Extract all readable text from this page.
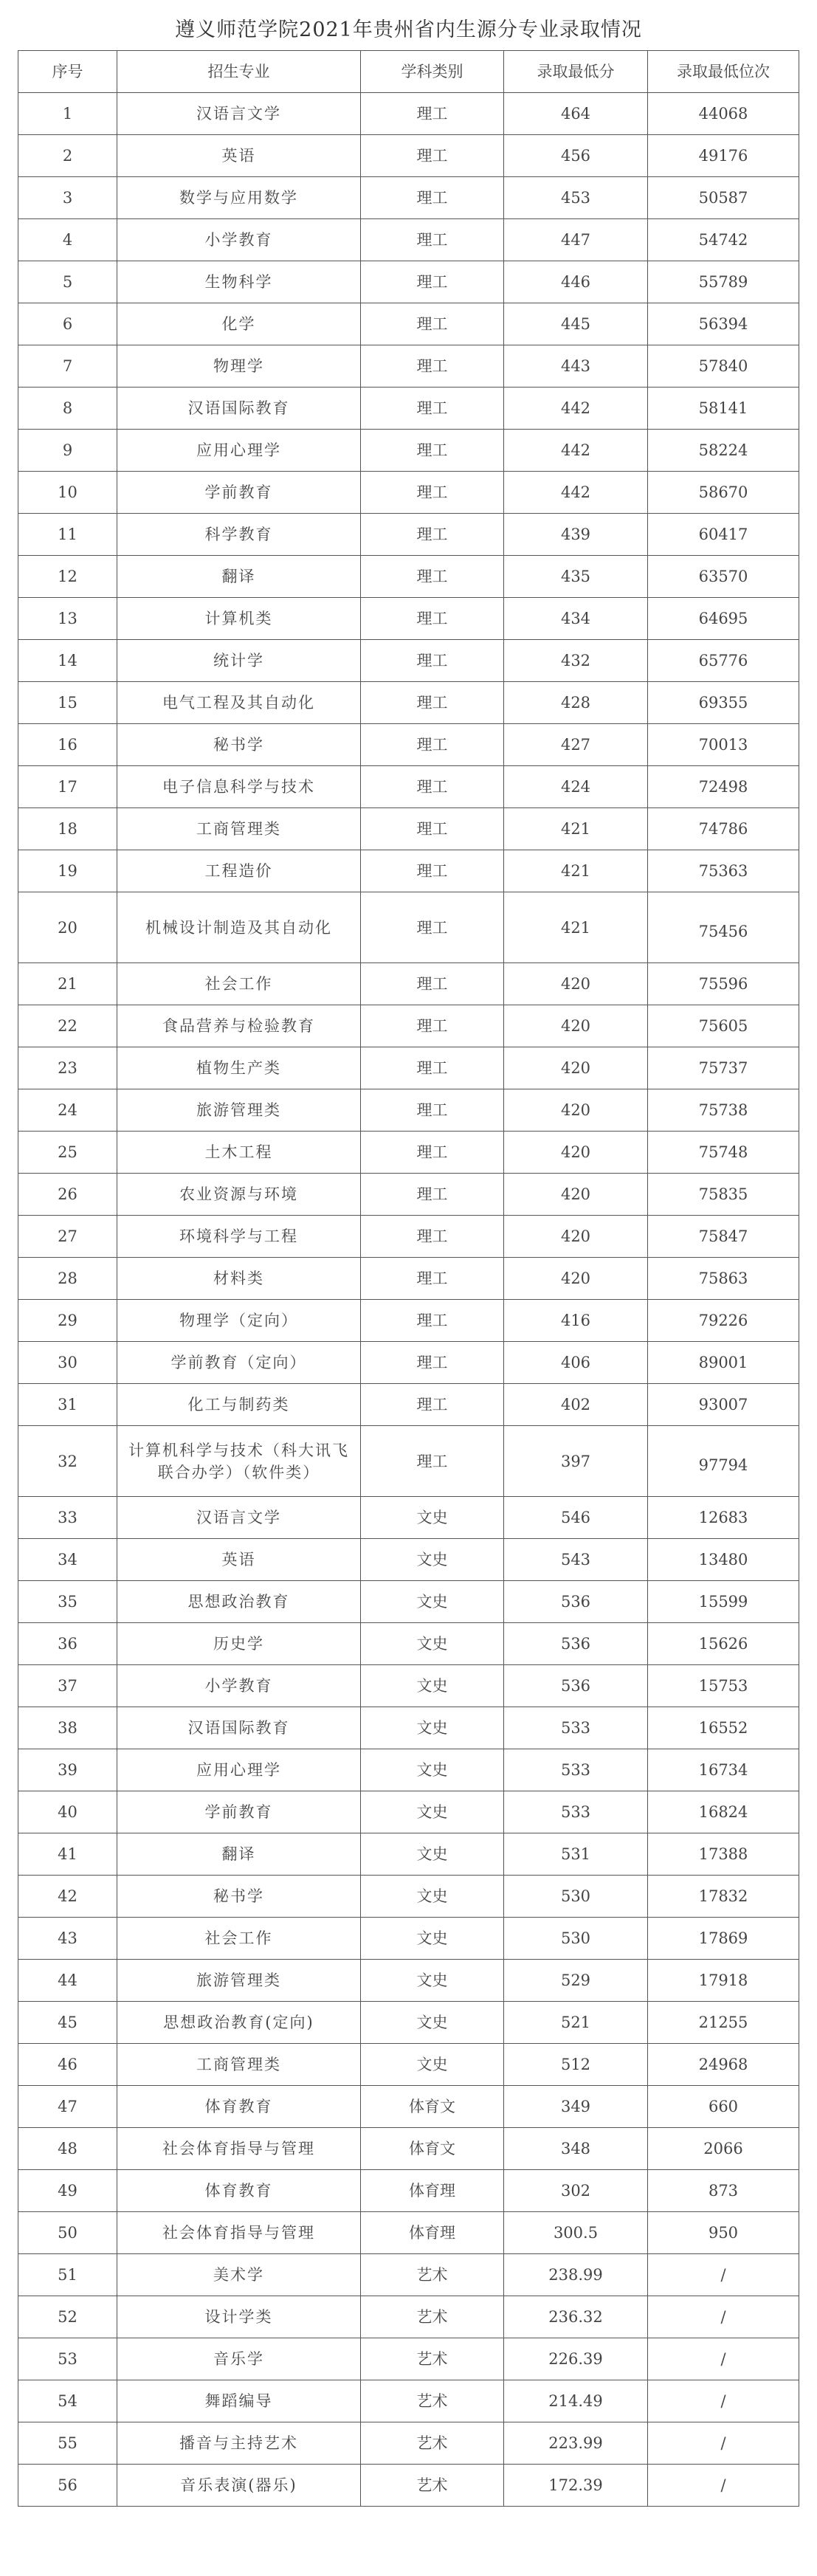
遵义师范学院2021年贵州省内生源分专业录取情况
序号	招生专业	学科类别	录取最低分	录取最低位次
1	汉语言文学	理工	464	44068
2	英语	理工	456	49176
3	数学与应用数学	理工	453	50587
4	小学教育	理工	447	54742
5	生物科学	理工	446	55789
6	化学	理工	445	56394
7	物理学	理工	443	57840
8	汉语国际教育	理工	442	58141
9	应用心理学	理工	442	58224
10	学前教育	理工	442	58670
11	科学教育	理工	439	60417
12	翻译	理工	435	63570
13	计算机类	理工	434	64695
14	统计学	理工	432	65776
15	电气工程及其自动化	理工	428	69355
16	秘书学	理工	427	70013
17	电子信息科学与技术	理工	424	72498
18	工商管理类	理工	421	74786
19	工程造价	理工	421	75363
20	机械设计制造及其自动化	理工	421	75456
21	社会工作	理工	420	75596
22	食品营养与检验教育	理工	420	75605
23	植物生产类	理工	420	75737
24	旅游管理类	理工	420	75738
25	土木工程	理工	420	75748
26	农业资源与环境	理工	420	75835
27	环境科学与工程	理工	420	75847
28	材料类	理工	420	75863
29	物理学（定向）	理工	416	79226
30	学前教育（定向）	理工	406	89001
31	化工与制药类	理工	402	93007
32	计算机科学与技术（科大讯飞联合办学）（软件类）	理工	397	97794
33	汉语言文学	文史	546	12683
34	英语	文史	543	13480
35	思想政治教育	文史	536	15599
36	历史学	文史	536	15626
37	小学教育	文史	536	15753
38	汉语国际教育	文史	533	16552
39	应用心理学	文史	533	16734
40	学前教育	文史	533	16824
41	翻译	文史	531	17388
42	秘书学	文史	530	17832
43	社会工作	文史	530	17869
44	旅游管理类	文史	529	17918
45	思想政治教育(定向)	文史	521	21255
46	工商管理类	文史	512	24968
47	体育教育	体育文	349	660
48	社会体育指导与管理	体育文	348	2066
49	体育教育	体育理	302	873
50	社会体育指导与管理	体育理	300.5	950
51	美术学	艺术	238.99	/
52	设计学类	艺术	236.32	/
53	音乐学	艺术	226.39	/
54	舞蹈编导	艺术	214.49	/
55	播音与主持艺术	艺术	223.99	/
56	音乐表演(器乐)	艺术	172.39	/
